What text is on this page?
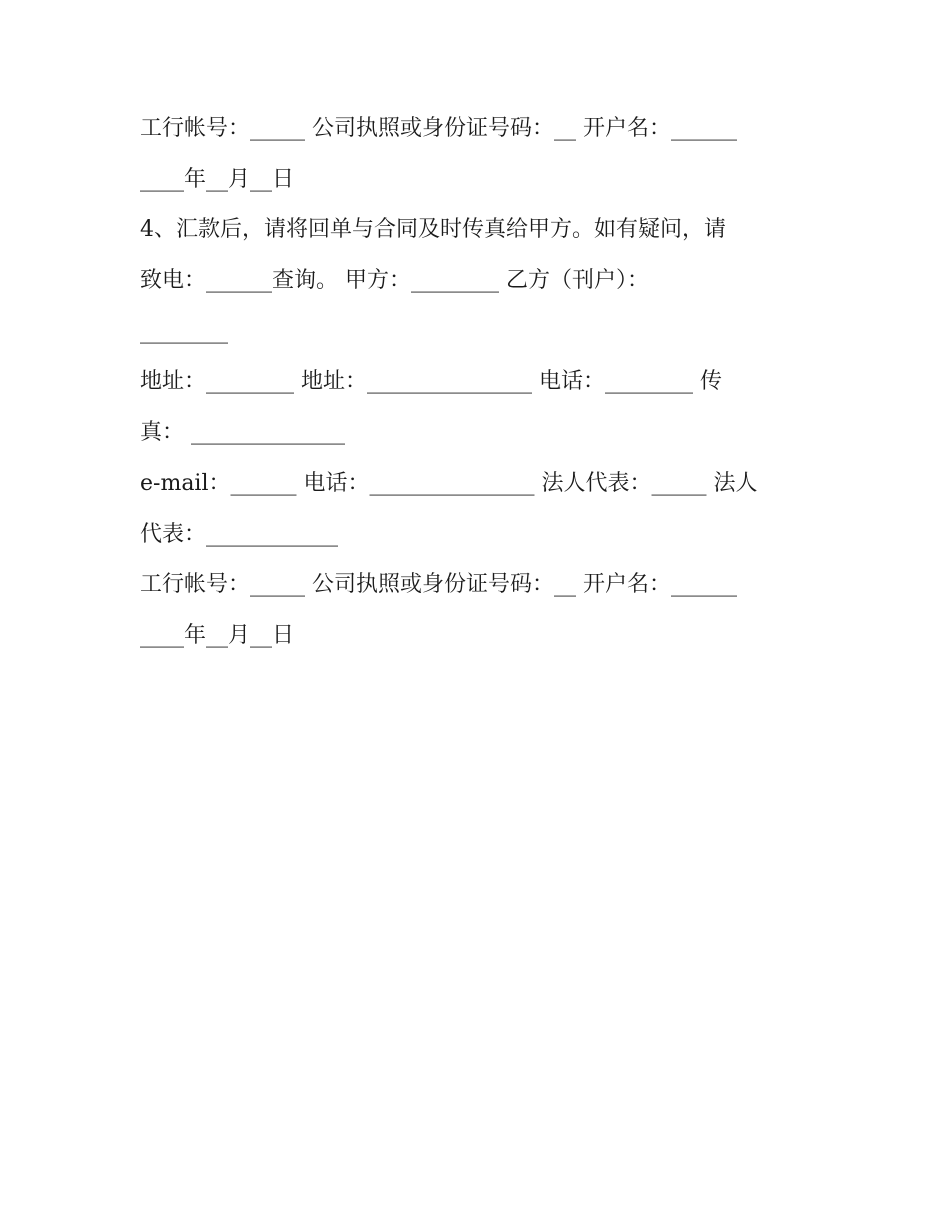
工行帐号：_____ 公司执照或身份证号码：__ 开户名：______
____年__月__日
4、汇款后，请将回单与合同及时传真给甲方。如有疑问，请
致电：______查询。 甲方：________ 乙方（刊户）：
________
地址：________ 地址：_______________ 电话：________ 传
真： ______________
e-mail：______ 电话：_______________ 法人代表：_____ 法人
代表：____________
工行帐号：_____ 公司执照或身份证号码：__ 开户名：______
____年__月__日
